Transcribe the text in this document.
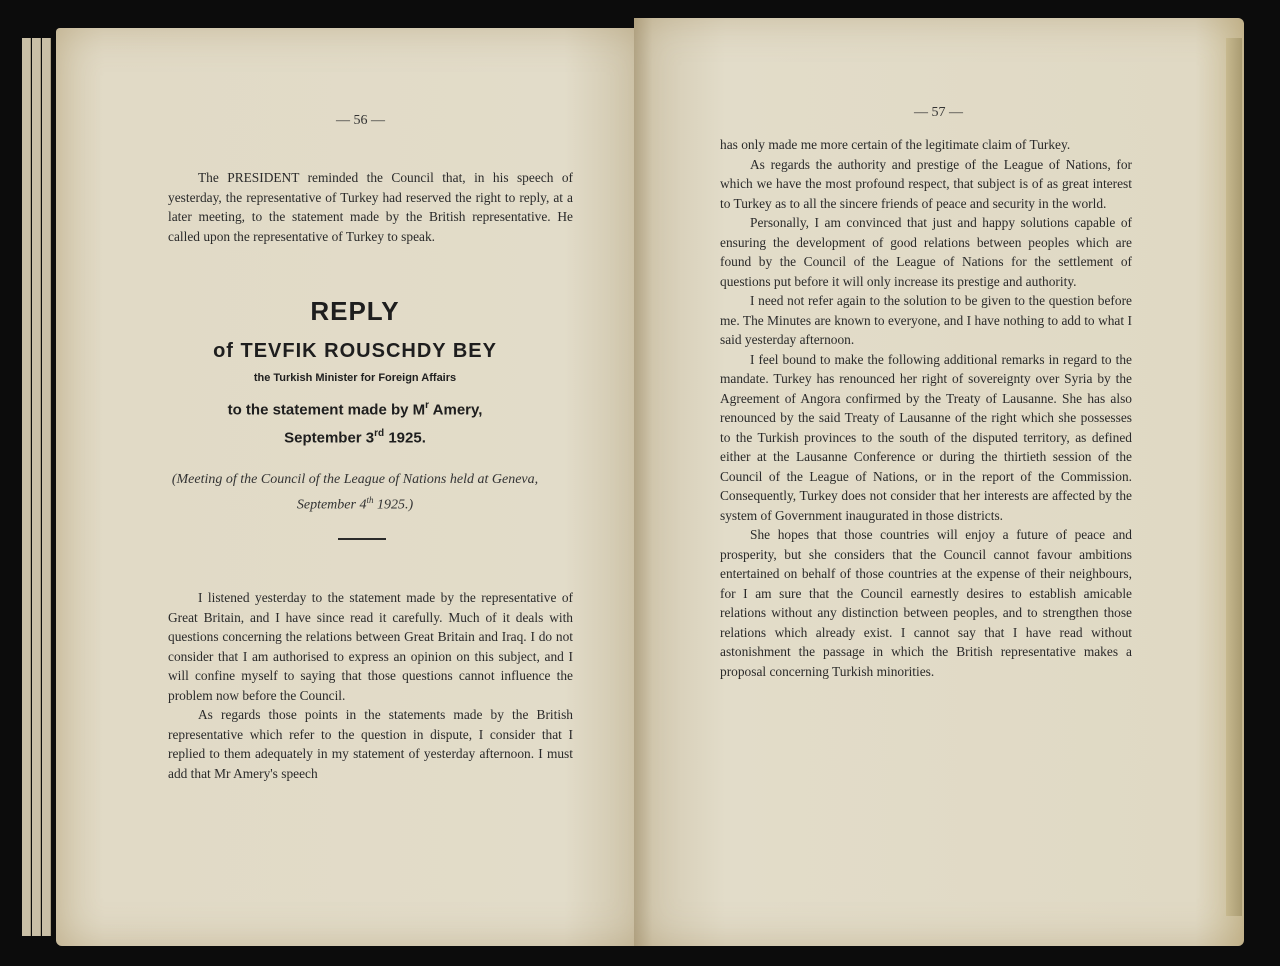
— 56 —

The PRESIDENT reminded the Council that, in his speech of yesterday, the representative of Turkey had reserved the right to reply, at a later meeting, to the statement made by the British representative. He called upon the representative of Turkey to speak.

REPLY
of TEVFIK ROUSCHDY BEY
the Turkish Minister for Foreign Affairs
to the statement made by $M^r$ Amery,
September 3rd 1925.
(Meeting of the Council of the League of Nations held at Geneva,
September 4th 1925.)

I listened yesterday to the statement made by the representative of Great Britain, and I have since read it carefully. Much of it deals with questions concerning the relations between Great Britain and Iraq. I do not consider that I am authorised to express an opinion on this subject, and I will confine myself to saying that those questions cannot influence the problem now before the Council.

As regards those points in the statements made by the British representative which refer to the question in dispute, I consider that I replied to them adequately in my statement of yesterday afternoon. I must add that Mr Amery's speech

— 57 —

has only made me more certain of the legitimate claim of Turkey.

As regards the authority and prestige of the League of Nations, for which we have the most profound respect, that subject is of as great interest to Turkey as to all the sincere friends of peace and security in the world.

Personally, I am convinced that just and happy solutions capable of ensuring the development of good relations between peoples which are found by the Council of the League of Nations for the settlement of questions put before it will only increase its prestige and authority.

I need not refer again to the solution to be given to the question before me. The Minutes are known to everyone, and I have nothing to add to what I said yesterday afternoon.

I feel bound to make the following additional remarks in regard to the mandate. Turkey has renounced her right of sovereignty over Syria by the Agreement of Angora confirmed by the Treaty of Lausanne. She has also renounced by the said Treaty of Lausanne of the right which she possesses to the Turkish provinces to the south of the disputed territory, as defined either at the Lausanne Conference or during the thirtieth session of the Council of the League of Nations, or in the report of the Commission. Consequently, Turkey does not consider that her interests are affected by the system of Government inaugurated in those districts.

She hopes that those countries will enjoy a future of peace and prosperity, but she considers that the Council cannot favour ambitions entertained on behalf of those countries at the expense of their neighbours, for I am sure that the Council earnestly desires to establish amicable relations without any distinction between peoples, and to strengthen those relations which already exist. I cannot say that I have read without astonishment the passage in which the British representative makes a proposal concerning Turkish minorities.
